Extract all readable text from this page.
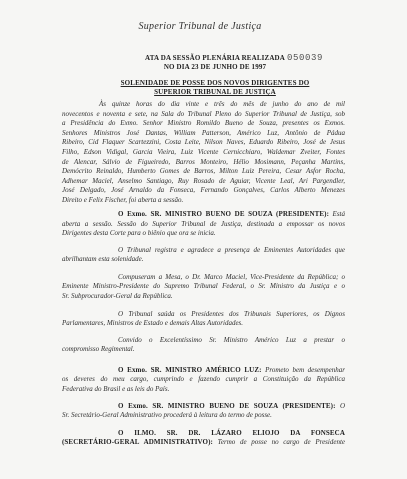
Superior Tribunal de Justiça
050039
ATA DA SESSÃO PLENÁRIA REALIZADA
NO DIA 23 DE JUNHO DE 1997
SOLENIDADE DE POSSE DOS NOVOS DIRIGENTES DO
SUPERIOR TRIBUNAL DE JUSTIÇA
Às quinze horas do dia vinte e três do mês de junho do ano de mil
novecentos e noventa e sete, na Sala do Tribunal Pleno do Superior Tribunal de Justiça, sob
a Presidência do Exmo. Senhor Ministro Romildo Bueno de Souza, presentes os Exmos.
Senhores Ministros José Dantas, William Patterson, Américo Luz, Antônio de Pádua
Ribeiro, Cid Flaquer Scartezzini, Costa Leite, Nilson Naves, Eduardo Ribeiro, José de Jesus
Filho, Edson Vidigal, Garcia Vieira, Luiz Vicente Cernicchiaro, Waldemar Zveiter, Fontes
de Alencar, Sálvio de Figueiredo, Barros Monteiro, Hélio Mosimann, Peçanha Martins,
Demócrito Reinaldo, Humberto Gomes de Barros, Milton Luiz Pereira, Cesar Asfor Rocha,
Adhemar Maciel, Anselmo Santiago, Ruy Rosado de Aguiar, Vicente Leal, Ari Pargendler,
José Delgado, José Arnaldo da Fonseca, Fernando Gonçalves, Carlos Alberto Menezes
Direito e Felix Fischer, foi aberta a sessão.
O Exmo. SR. MINISTRO BUENO DE SOUZA (PRESIDENTE): Está
aberta a sessão. Sessão do Superior Tribunal de Justiça, destinada a empossar os novos
Dirigentes desta Corte para o biênio que ora se inicia.
O Tribunal registra e agradece a presença de Eminentes Autoridades que
abrilhantam esta solenidade.
Compuseram a Mesa, o Dr. Marco Maciel, Vice-Presidente da República; o
Eminente Ministro-Presidente do Supremo Tribunal Federal, o Sr. Ministro da Justiça e o
Sr. Subprocurador-Geral da República.
O Tribunal saúda os Presidentes dos Tribunais Superiores, os Dignos
Parlamentares, Ministros de Estado e demais Altas Autoridades.
Convido o Excelentíssimo Sr. Ministro Américo Luz a prestar o
compromisso Regimental.
O Exmo. SR. MINISTRO AMÉRICO LUZ: Prometo bem desempenhar
os deveres do meu cargo, cumprindo e fazendo cumprir a Constituição da República
Federativa do Brasil e as leis do País.
O Exmo. SR. MINISTRO BUENO DE SOUZA (PRESIDENTE): O
Sr. Secretário-Geral Administrativo procederá à leitura do termo de posse.
O ILMO. SR. DR. LÁZARO ELIOJO DA FONSECA
(SECRETÁRIO-GERAL ADMINISTRATIVO): Termo de posse no cargo de Presidente
